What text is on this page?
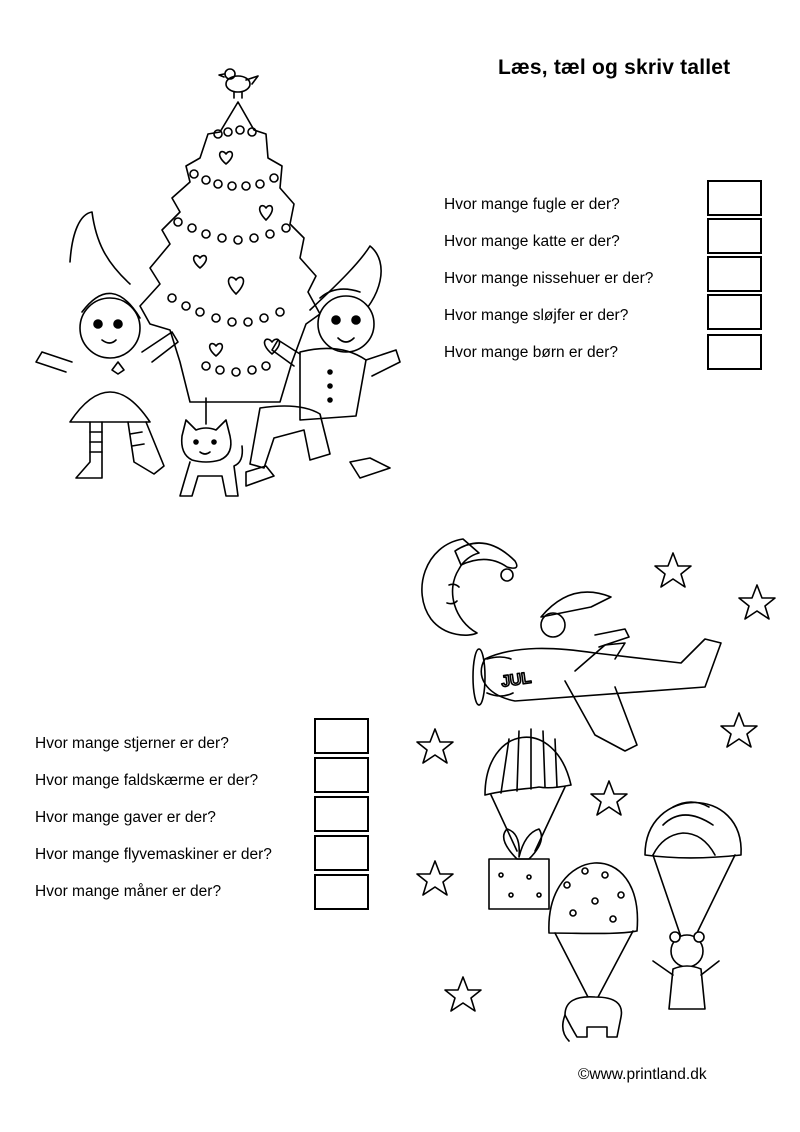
Læs, tæl og skriv tallet
Hvor mange fugle er der?
Hvor mange katte er der?
Hvor mange nissehuer er der?
Hvor mange sløjfer er der?
Hvor mange børn er der?
JUL
Hvor mange stjerner er der?
Hvor mange faldskærme er der?
Hvor mange gaver er der?
Hvor mange flyvemaskiner er der?
Hvor mange måner er der?
©www.printland.dk
